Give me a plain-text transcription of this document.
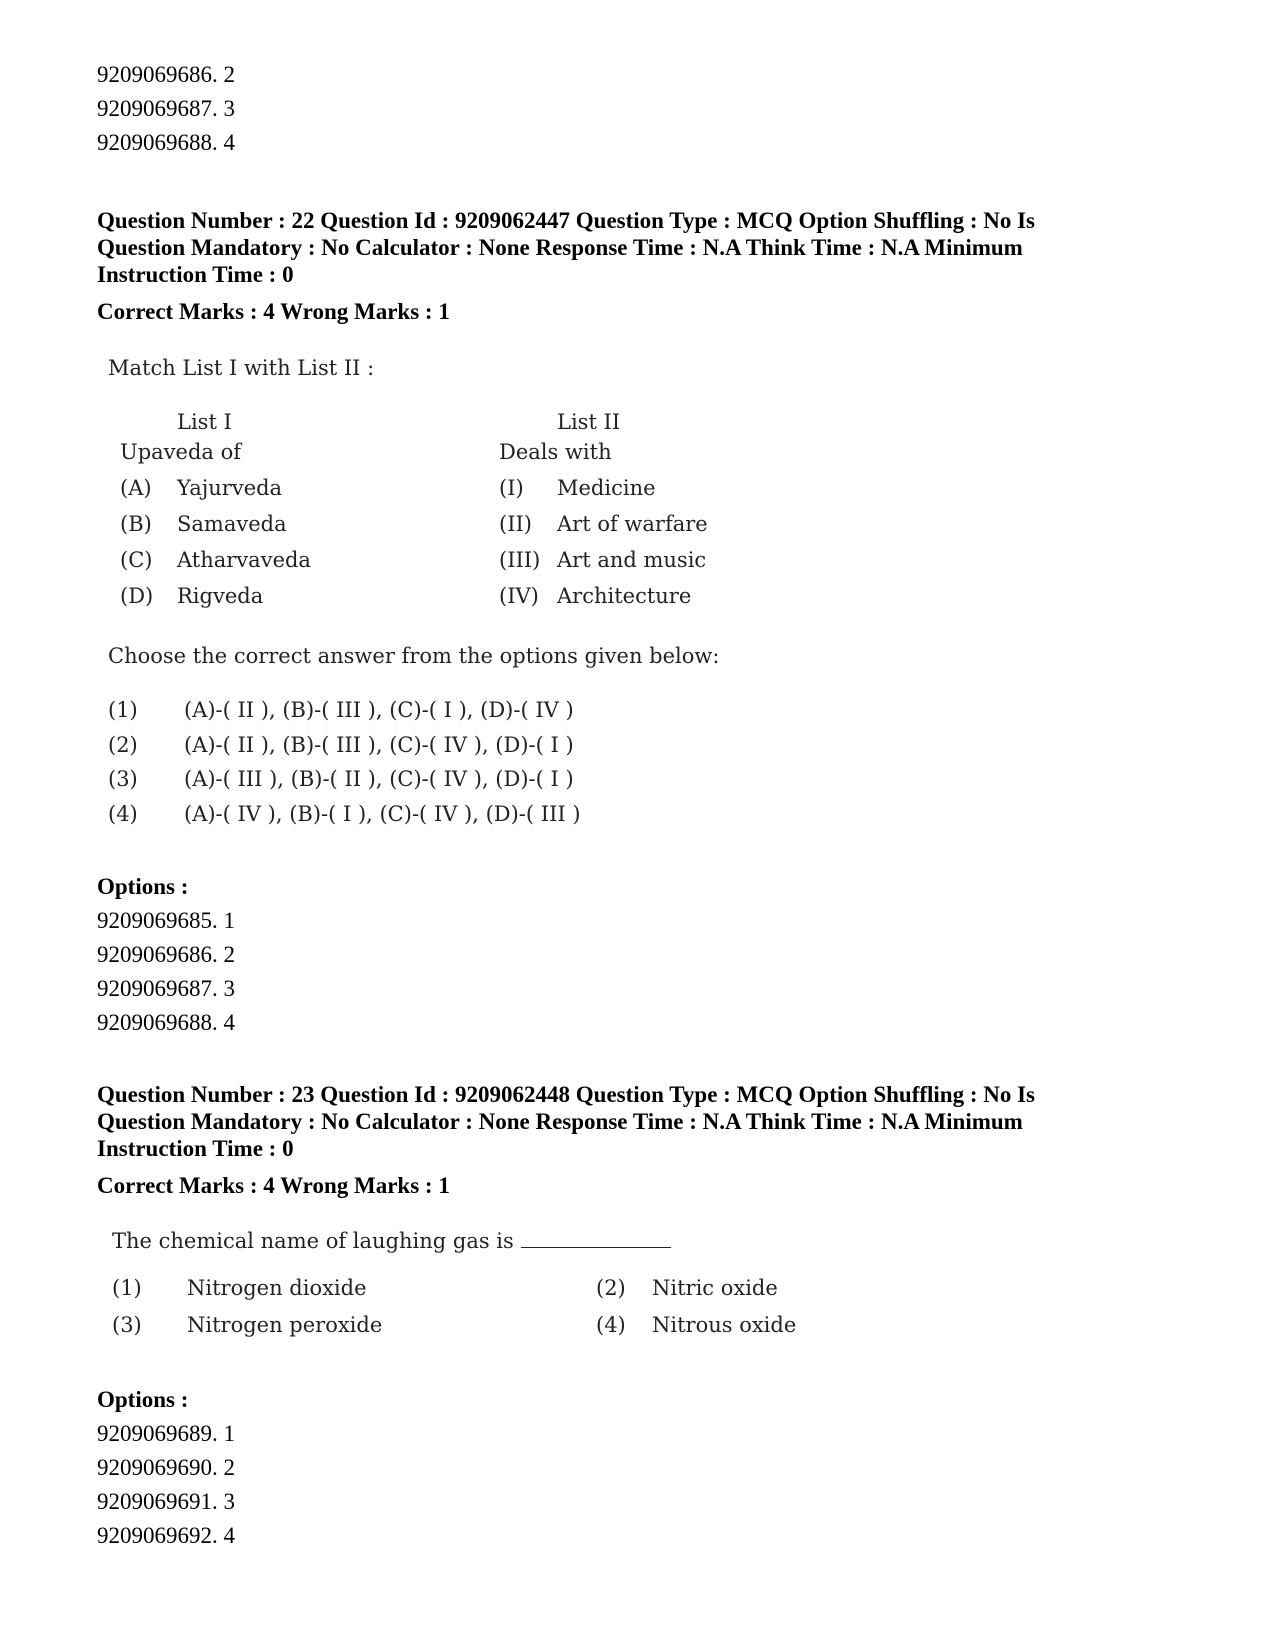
9209069686. 2
9209069687. 3
9209069688. 4
Question Number : 22 Question Id : 9209062447 Question Type : MCQ Option Shuffling : No Is Question Mandatory : No Calculator : None Response Time : N.A Think Time : N.A Minimum Instruction Time : 0
Correct Marks : 4 Wrong Marks : 1
Match List I with List II :
List I	List II
Upaveda of	Deals with
(A) Yajurveda	(I) Medicine
(B) Samaveda	(II) Art of warfare
(C) Atharvaveda	(III) Art and music
(D) Rigveda	(IV) Architecture
Choose the correct answer from the options given below:
(1) (A)-( II ), (B)-( III ), (C)-( I ), (D)-( IV )
(2) (A)-( II ), (B)-( III ), (C)-( IV ), (D)-( I )
(3) (A)-( III ), (B)-( II ), (C)-( IV ), (D)-( I )
(4) (A)-( IV ), (B)-( I ), (C)-( IV ), (D)-( III )
Options :
9209069685. 1
9209069686. 2
9209069687. 3
9209069688. 4
Question Number : 23 Question Id : 9209062448 Question Type : MCQ Option Shuffling : No Is Question Mandatory : No Calculator : None Response Time : N.A Think Time : N.A Minimum Instruction Time : 0
Correct Marks : 4 Wrong Marks : 1
The chemical name of laughing gas is
(1) Nitrogen dioxide	(2) Nitric oxide
(3) Nitrogen peroxide	(4) Nitrous oxide
Options :
9209069689. 1
9209069690. 2
9209069691. 3
9209069692. 4
